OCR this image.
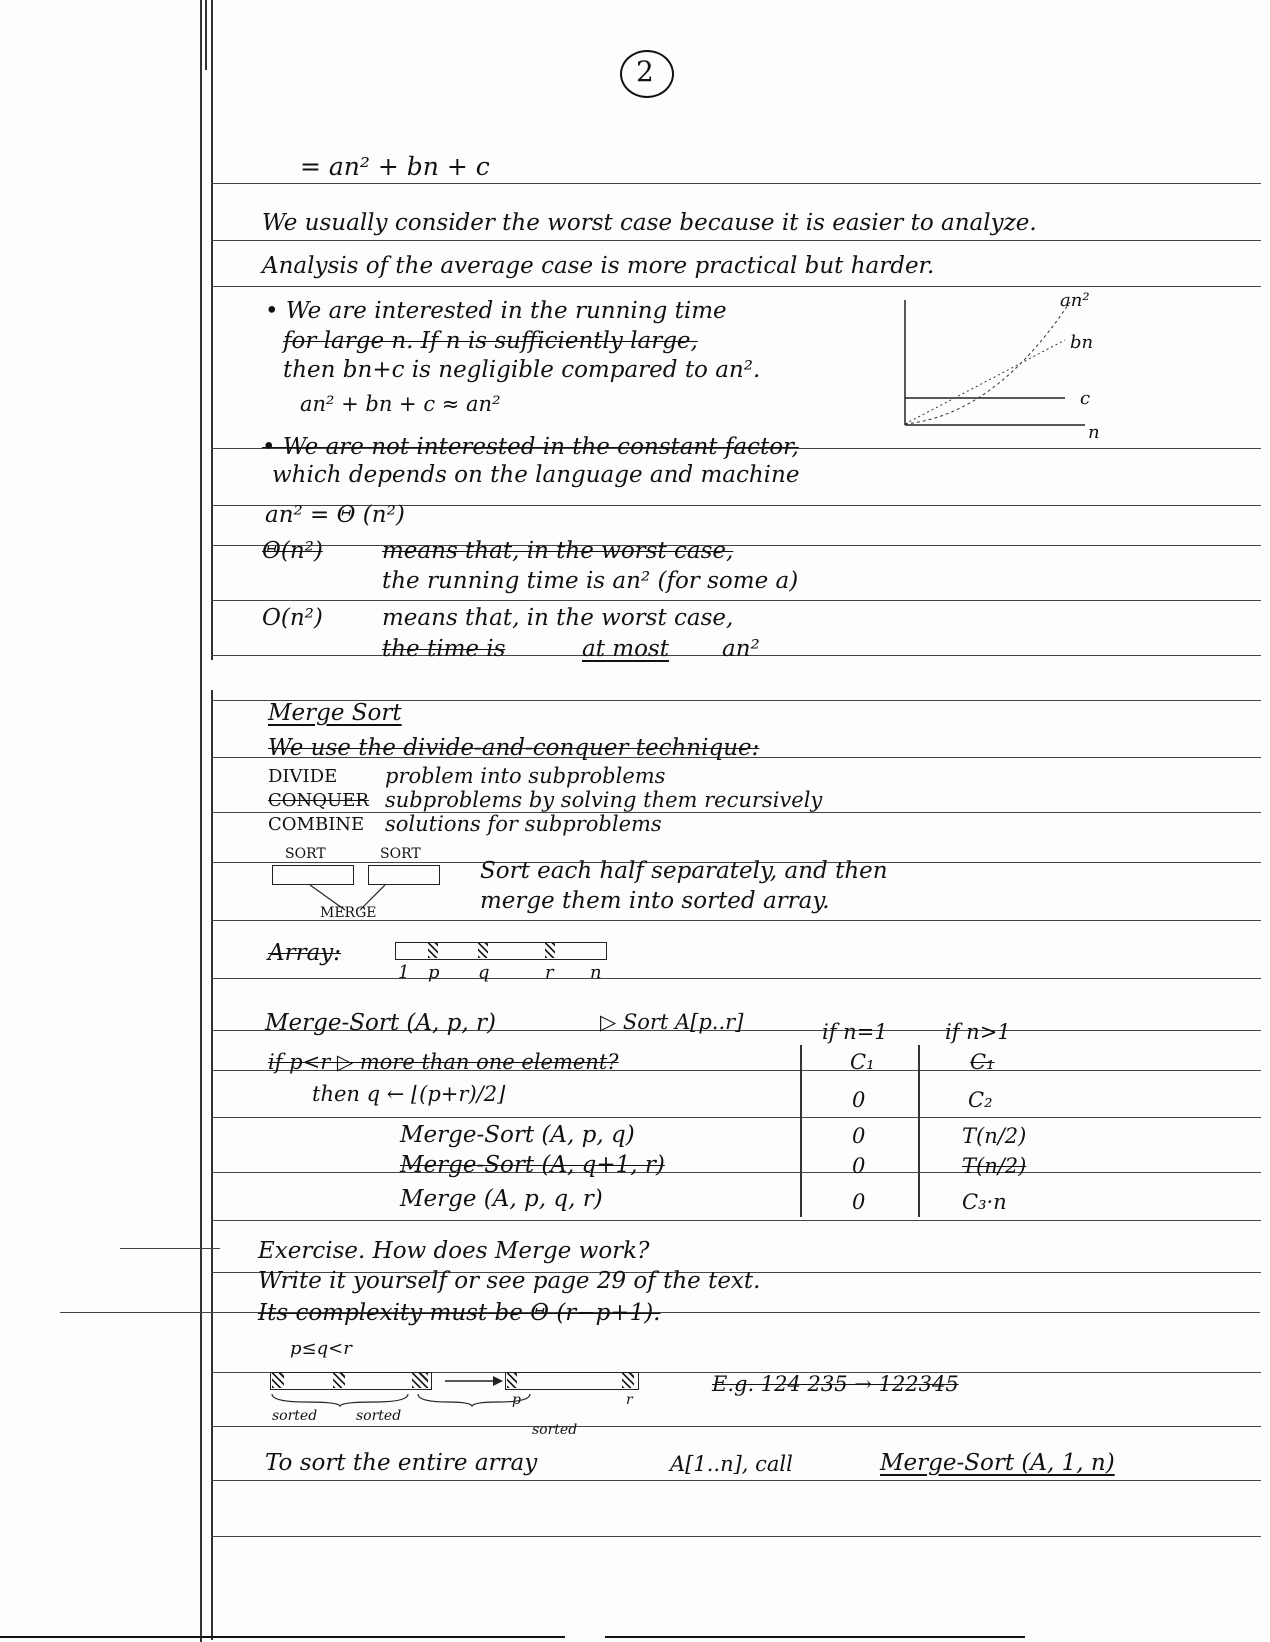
2
= an² + bn + c
We usually consider the worst case because it is easier to analyze.
Analysis of the average case is more practical but harder.
• We are interested in the running time
for large n. If n is sufficiently large,
then bn+c is negligible compared to an².
an² + bn + c ≈ an²
an²
bn
c
n
• We are not interested in the constant factor,
which depends on the language and machine
an² = Θ (n²)
Θ(n²)	means that, in the worst case,
the running time is an² (for some a)
O(n²)	means that, in the worst case,
the time is	at most an²
Merge Sort
We use the divide-and-conquer technique:
DIVIDE problem into subproblems
CONQUER subproblems by solving them recursively
COMBINE solutions for subproblems
SORT	SORT
MERGE
Sort each half separately, and then
merge them into sorted array.
Array:
1 p q	r n
Merge-Sort (A, p, r)	▷ Sort A[p..r]	if n=1	if n>1
if p<r ▷ more than one element?	C₁	C₁
then q ← ⌊(p+r)/2⌋	0	C₂
Merge-Sort (A, p, q)	0	T(n/2)
Merge-Sort (A, q+1, r)	0	T(n/2)
Merge (A, p, q, r)	0	C₃·n
Exercise. How does Merge work?
Write it yourself or see page 29 of the text.
Its complexity must be Θ (r−p+1).
p≤q<r
p	r
sorted	sorted
sorted
E.g. 124 235 → 122345
To sort the entire array	A[1..n], call	Merge-Sort (A, 1, n)
